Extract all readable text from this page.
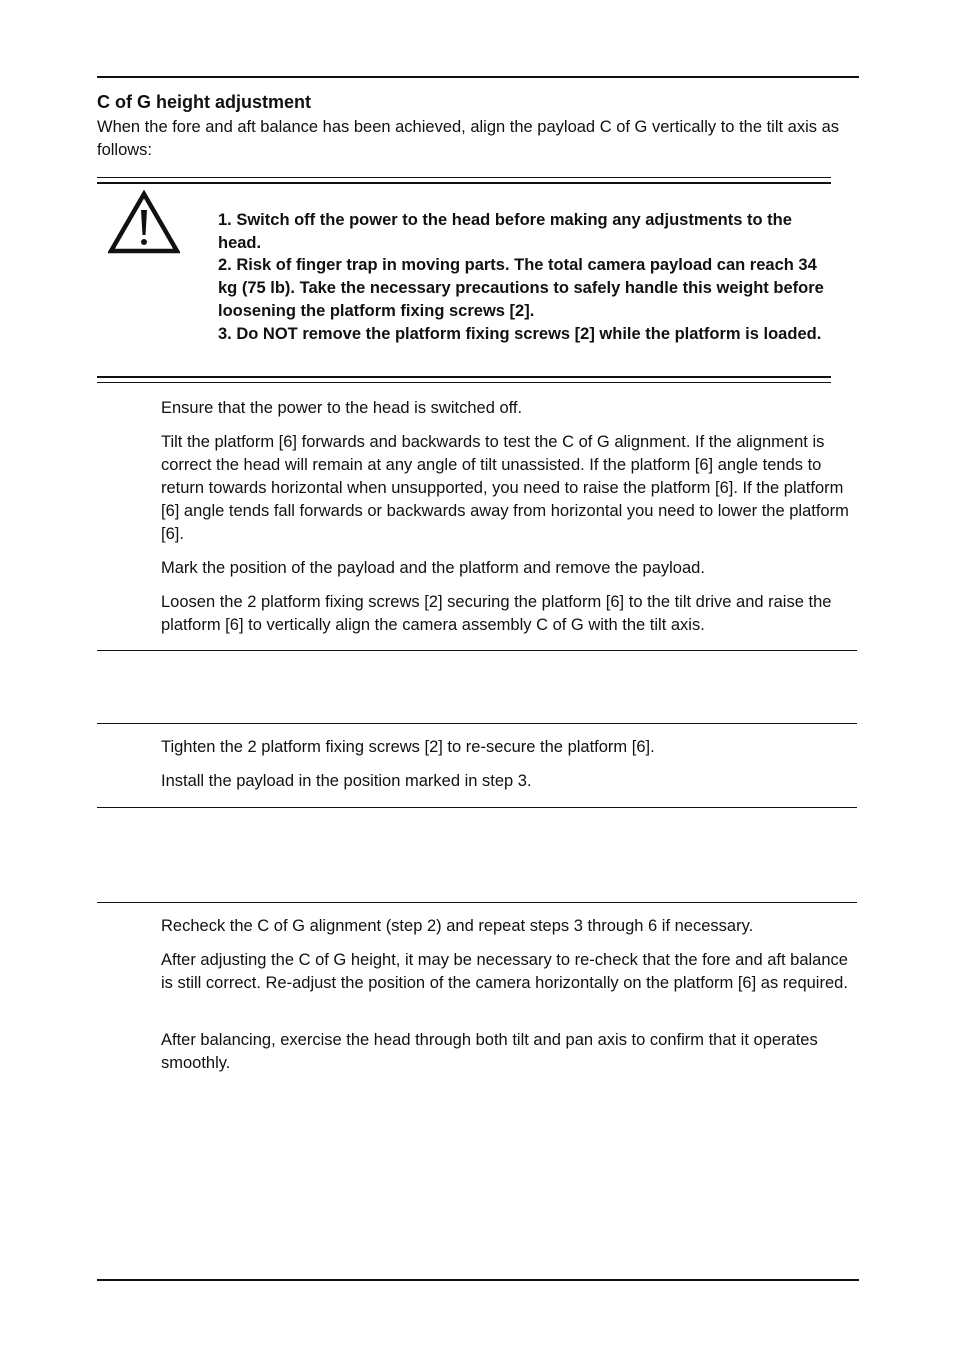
C of G height adjustment
When the fore and aft balance has been achieved, align the payload C of G vertically to the tilt axis as follows:
1. Switch off the power to the head before making any adjustments to the head.
2. Risk of finger trap in moving parts. The total camera payload can reach 34 kg (75 lb). Take the necessary precautions to safely handle this weight before loosening the platform fixing screws [2].
3. Do NOT remove the platform fixing screws [2] while the platform is loaded.
Ensure that the power to the head is switched off.
Tilt the platform [6] forwards and backwards to test the C of G alignment. If the alignment is correct the head will remain at any angle of tilt unassisted. If the platform [6] angle tends to return towards horizontal when unsupported, you need to raise the platform [6]. If the platform [6] angle tends fall forwards or backwards away from horizontal you need to lower the platform [6].
Mark the position of the payload and the platform and remove the payload.
Loosen the 2 platform fixing screws [2] securing the platform [6] to the tilt drive and raise the platform [6] to vertically align the camera assembly C of G with the tilt axis.
Tighten the 2 platform fixing screws [2] to re-secure the platform [6].
Install the payload in the position marked in step 3.
Recheck the C of G alignment (step 2) and repeat steps 3 through 6 if necessary.
After adjusting the C of G height, it may be necessary to re-check that the fore and aft balance is still correct. Re-adjust the position of the camera horizontally on the platform [6] as required.
After balancing, exercise the head through both tilt and pan axis to confirm that it operates smoothly.
